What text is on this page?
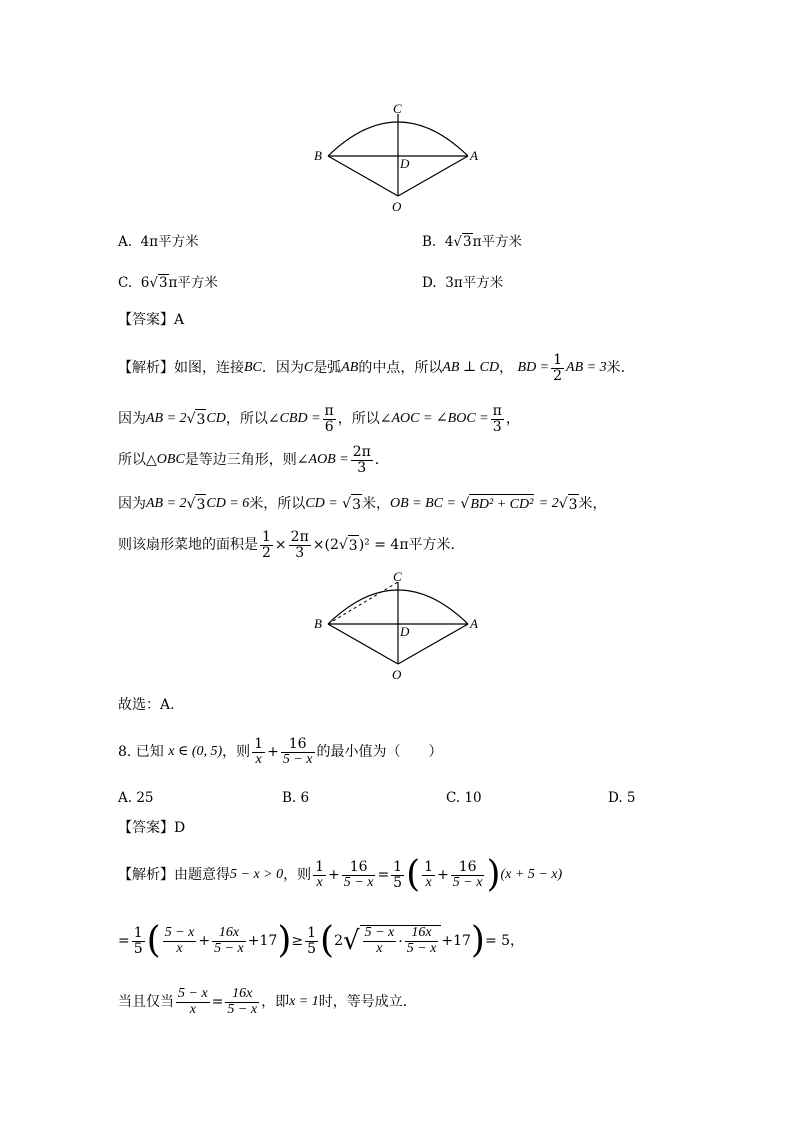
C
B
D
A
O
A. 4π平方米	B. 4√3π平方米
C. 6√3π平方米	D. 3π平方米
【答案】A
【解析】 如图，连接 BC ．因为 C 是弧 AB 的中点，所以 AB ⊥ CD ，
BD = $\frac{1}{2}$ AB = 3 米．
因为 AB = 2 √ 3 CD ，所以∠ CBD = $\frac{\pi}{6}$ ，所以∠ AOC = ∠BOC = $\frac{\pi}{3}$ ，
所以△ OBC 是等边三角形，则∠ AOB = $\frac{2\pi}{3}$ ．
因为 AB = 2 √ 3 CD = 6 米，所以 CD =
√ 3 米， OB = BC =
√ BD² + CD²
= 2 √ 3 米，
则该扇形菜地的面积是 $\frac{1}{2} \times \frac{2\pi}{3} \times(2$ √ 3 )² = 4π 平方米．
C
B
D
A
O
故选：A.
8. 已知
x ∈ (0, 5) ，则 $\frac{1}{x} + \frac{16}{5 - x}$ 的最小值为（　　）
A. 25	B. 6	C. 10	D. 5
【答案】D
【解析】 由题意得 5 − x > 0 ，则 $\frac{1}{x} + \frac{16}{5 - x} = \frac{1}{5}$ ( $\frac{1}{x} + \frac{16}{5 - x}$ ) (x + 5 − x)
= $\frac{1}{5}$ ( $\frac{5 - x}{x} + \frac{16x}{5 - x} +17$ ) ≥ $\frac{1}{5}$ ( 2 √ $\frac{5 - x}{x} \cdot \frac{16x}{5 - x} +17$ ) = 5，
当且仅当 $\frac{5 - x}{x} = \frac{16x}{5 - x}$ ，即 x = 1 时，等号成立．
